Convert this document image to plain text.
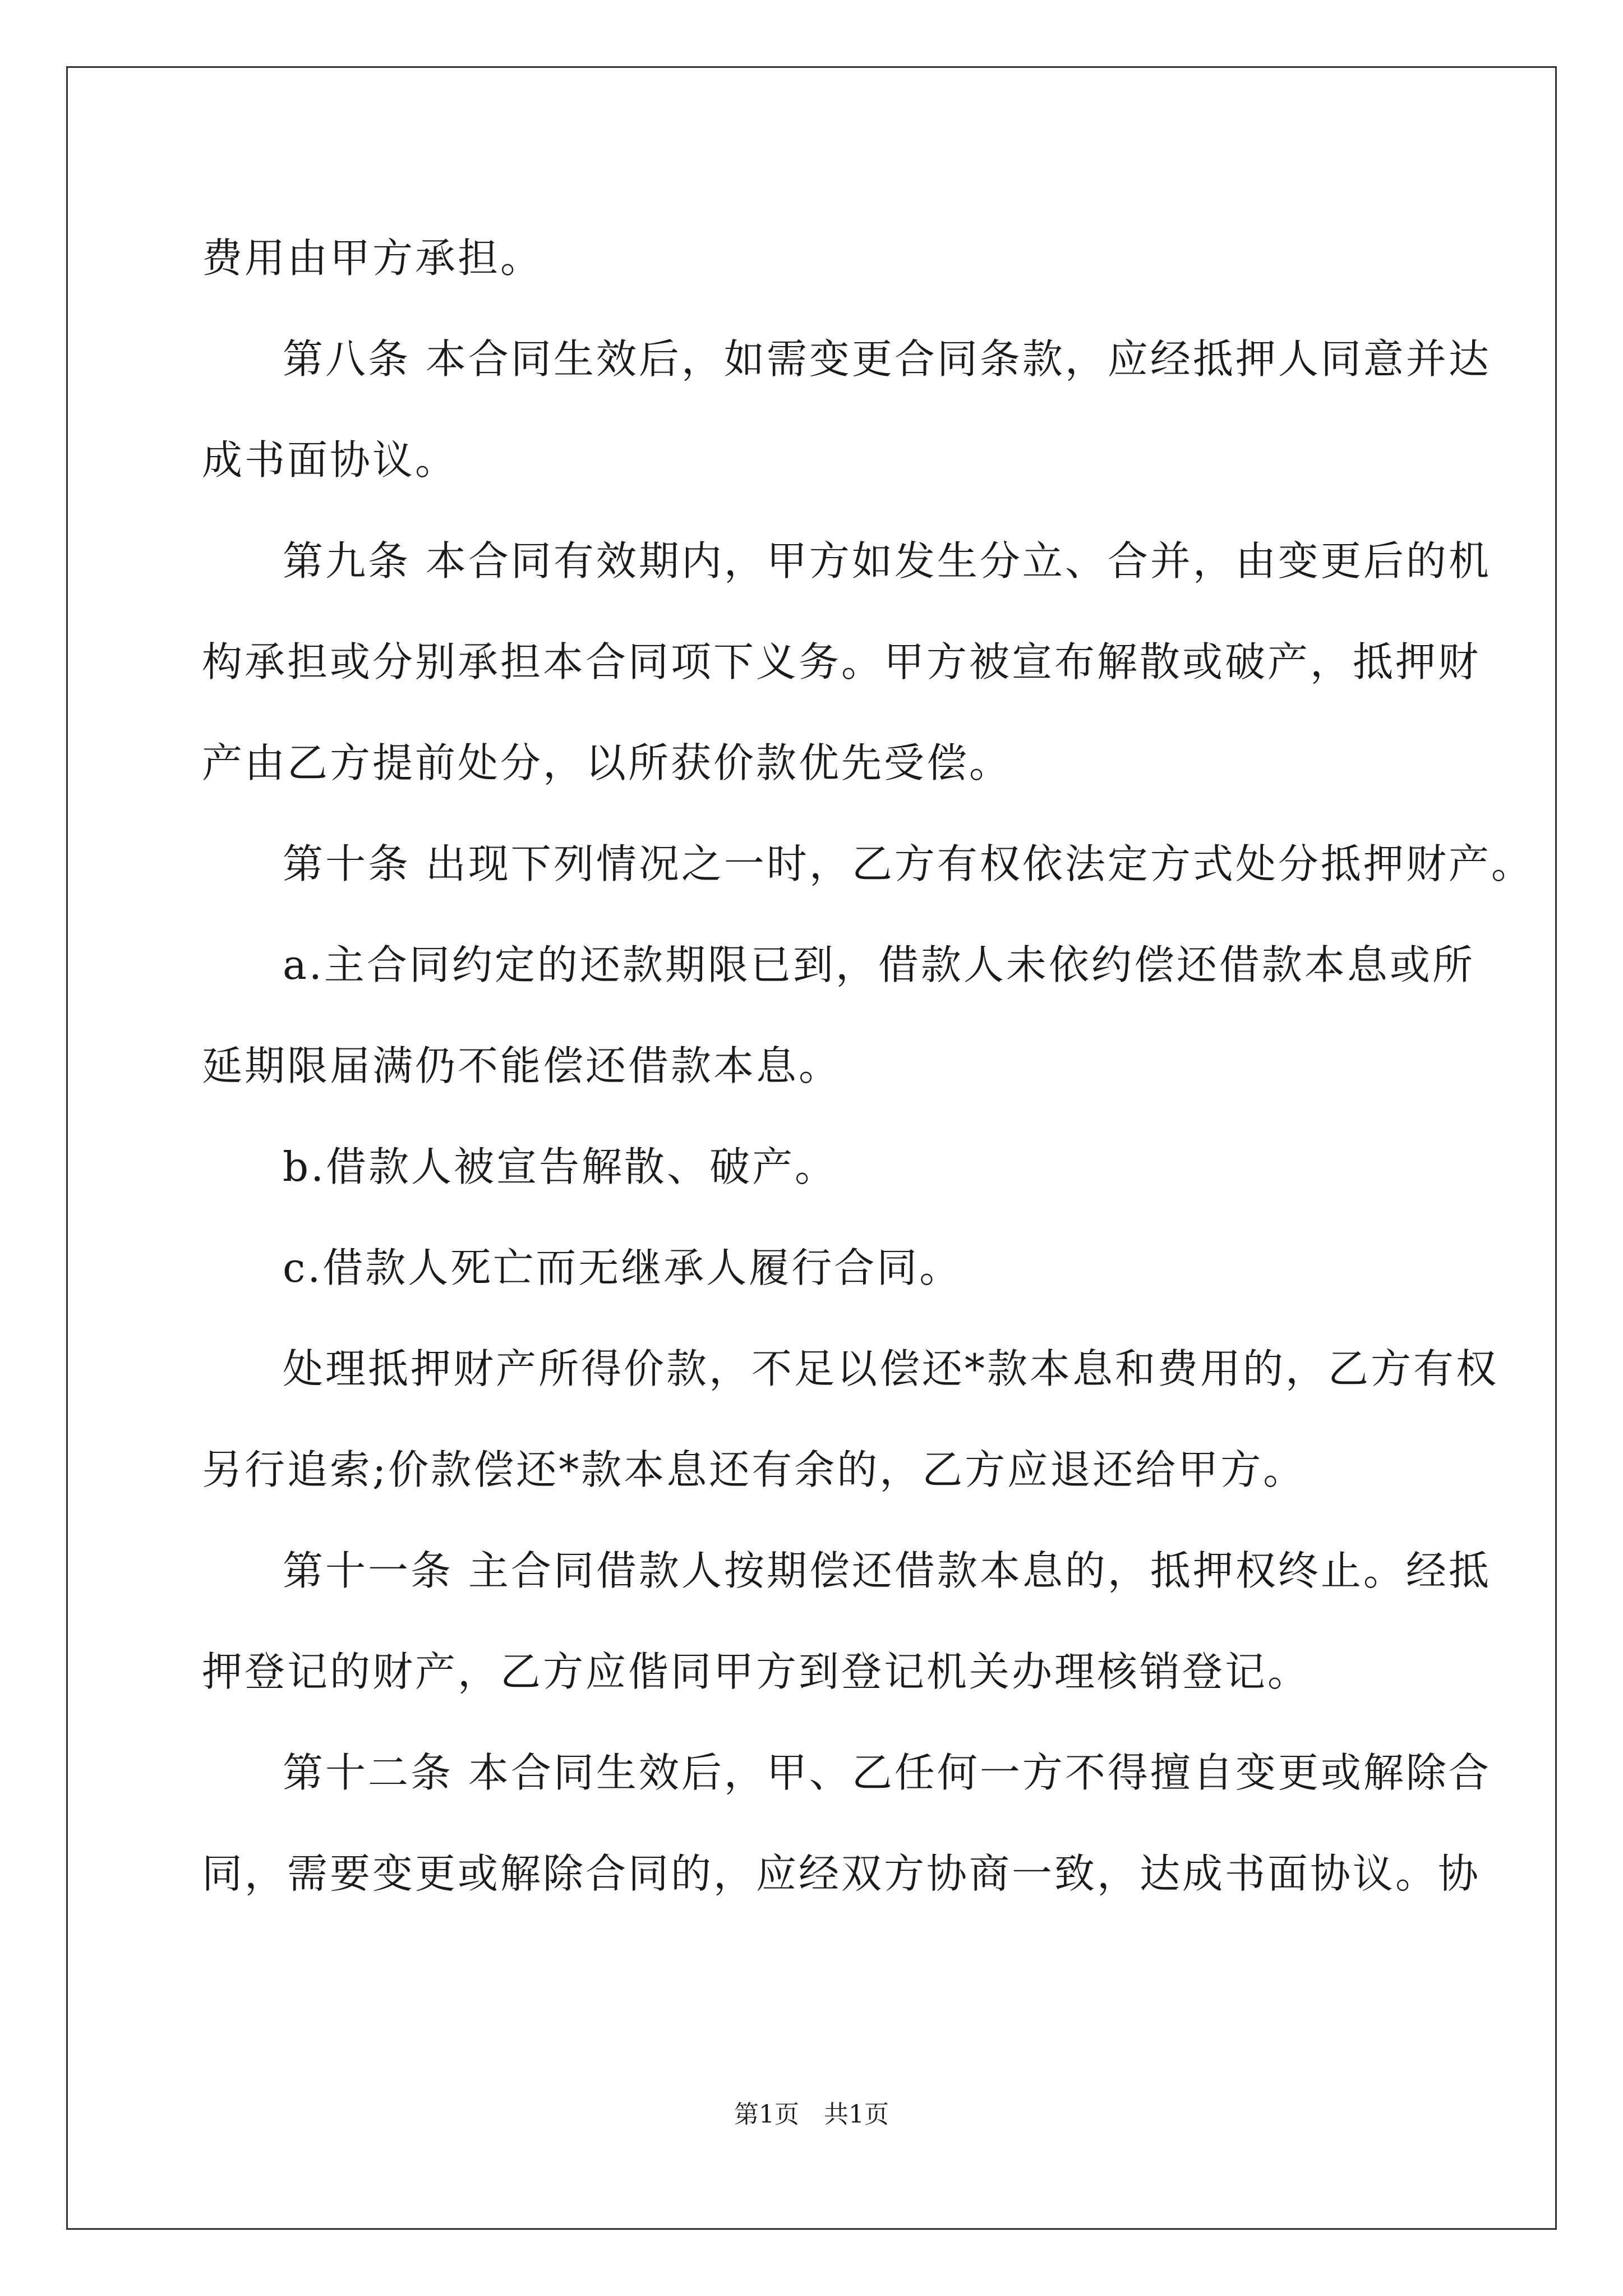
费用由甲方承担。
第八条 本合同生效后，如需变更合同条款，应经抵押人同意并达
成书面协议。
第九条 本合同有效期内，甲方如发生分立、合并，由变更后的机
构承担或分别承担本合同项下义务。甲方被宣布解散或破产，抵押财
产由乙方提前处分，以所获价款优先受偿。
第十条 出现下列情况之一时，乙方有权依法定方式处分抵押财产。
a.主合同约定的还款期限已到，借款人未依约偿还借款本息或所
延期限届满仍不能偿还借款本息。
b.借款人被宣告解散、破产。
c.借款人死亡而无继承人履行合同。
处理抵押财产所得价款，不足以偿还*款本息和费用的，乙方有权
另行追索;价款偿还*款本息还有余的，乙方应退还给甲方。
第十一条 主合同借款人按期偿还借款本息的，抵押权终止。经抵
押登记的财产，乙方应偕同甲方到登记机关办理核销登记。
第十二条 本合同生效后，甲、乙任何一方不得擅自变更或解除合
同，需要变更或解除合同的，应经双方协商一致，达成书面协议。协
第1页 共1页
